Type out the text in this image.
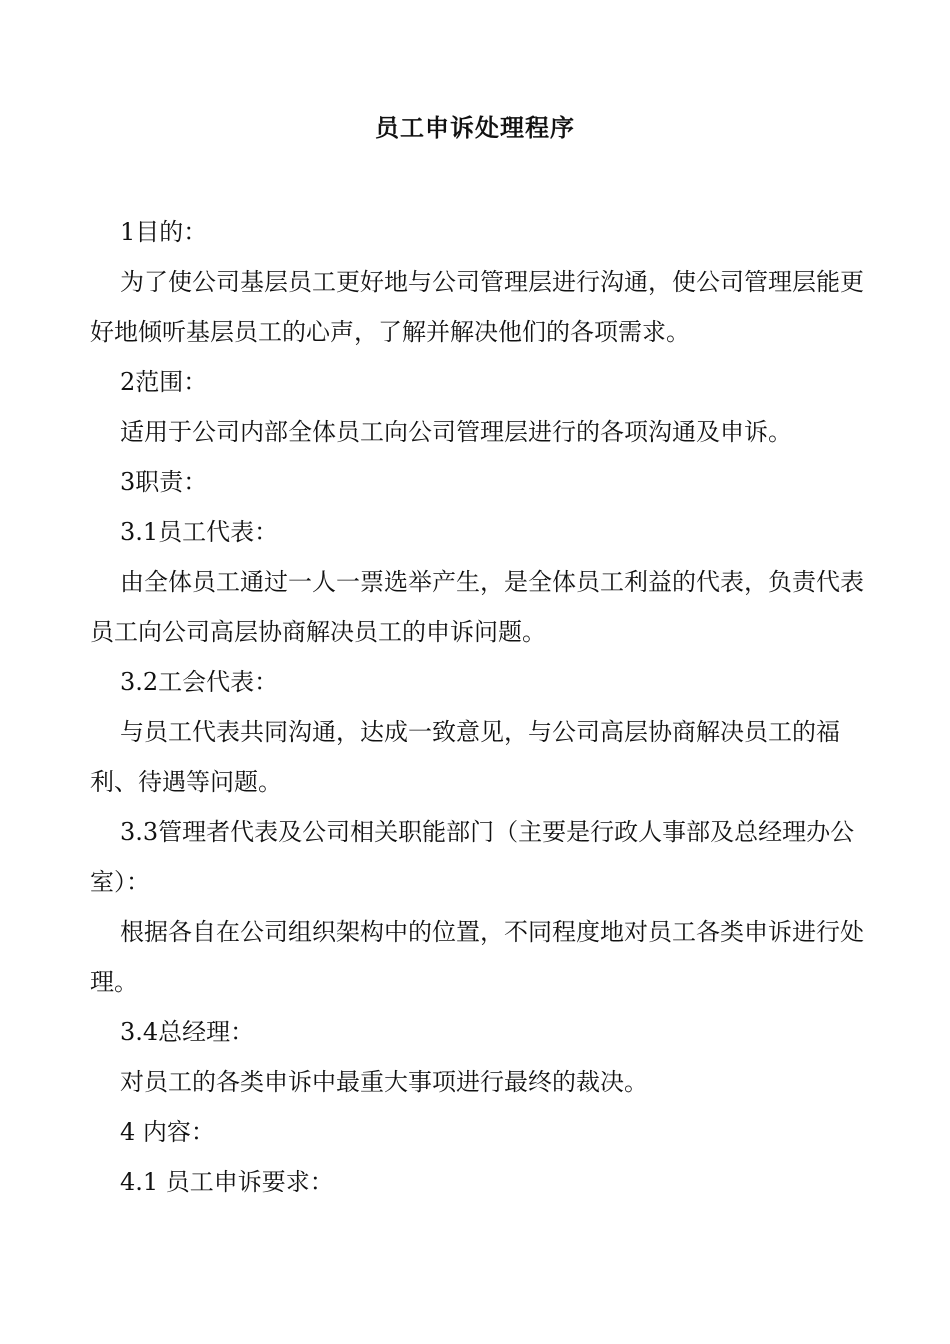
员工申诉处理程序

1目的：

为了使公司基层员工更好地与公司管理层进行沟通，使公司管理层能更好地倾听基层员工的心声，了解并解决他们的各项需求。

2范围：

适用于公司内部全体员工向公司管理层进行的各项沟通及申诉。

3职责：

3.1员工代表：

由全体员工通过一人一票选举产生，是全体员工利益的代表，负责代表员工向公司高层协商解决员工的申诉问题。

3.2工会代表：

与员工代表共同沟通，达成一致意见，与公司高层协商解决员工的福利、待遇等问题。

3.3管理者代表及公司相关职能部门（主要是行政人事部及总经理办公室）：

根据各自在公司组织架构中的位置，不同程度地对员工各类申诉进行处理。

3.4总经理：

对员工的各类申诉中最重大事项进行最终的裁决。

4 内容：

4.1 员工申诉要求：
